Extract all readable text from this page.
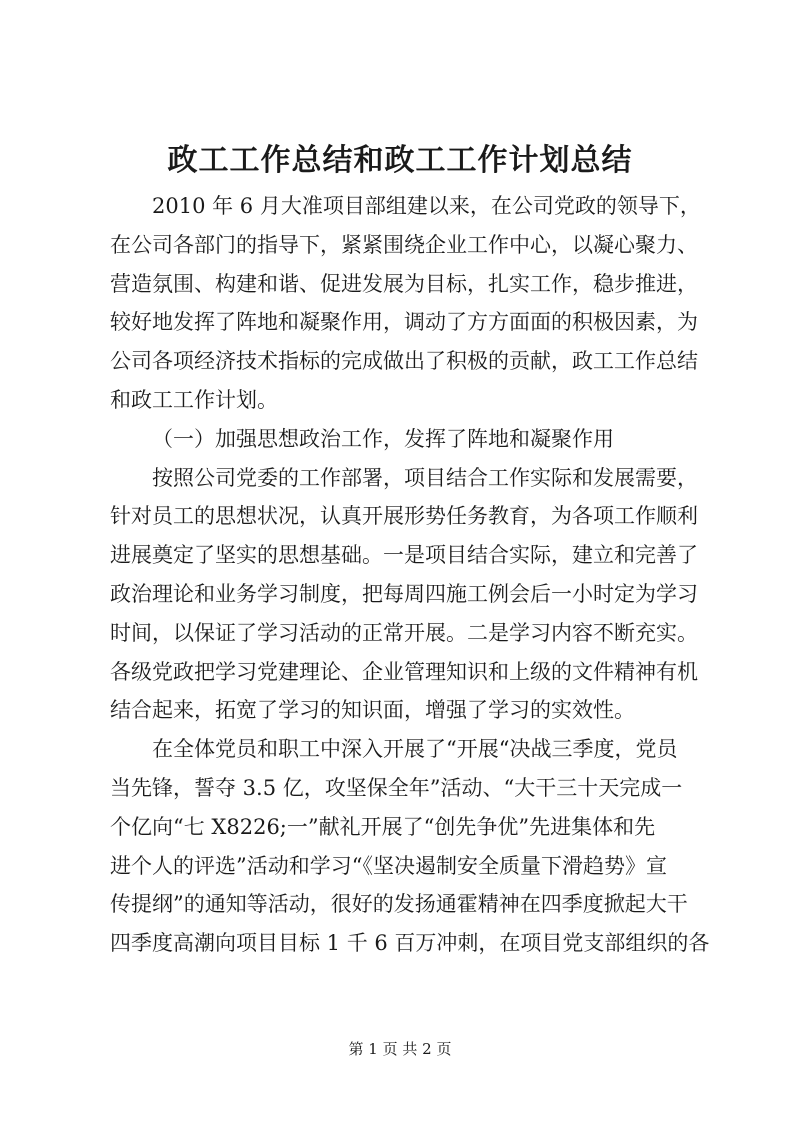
政工工作总结和政工工作计划总结
2010 年 6 月大准项目部组建以来，在公司党政的领导下，
在公司各部门的指导下，紧紧围绕企业工作中心，以凝心聚力、
营造氛围、构建和谐、促进发展为目标，扎实工作，稳步推进，
较好地发挥了阵地和凝聚作用，调动了方方面面的积极因素，为
公司各项经济技术指标的完成做出了积极的贡献，政工工作总结
和政工工作计划。
（一）加强思想政治工作，发挥了阵地和凝聚作用
按照公司党委的工作部署，项目结合工作实际和发展需要，
针对员工的思想状况，认真开展形势任务教育，为各项工作顺利
进展奠定了坚实的思想基础。一是项目结合实际，建立和完善了
政治理论和业务学习制度，把每周四施工例会后一小时定为学习
时间，以保证了学习活动的正常开展。二是学习内容不断充实。
各级党政把学习党建理论、企业管理知识和上级的文件精神有机
结合起来，拓宽了学习的知识面，增强了学习的实效性。
在全体党员和职工中深入开展了“开展“决战三季度，党员
当先锋，誓夺 3.5 亿，攻坚保全年”活动、“大干三十天完成一
个亿向“七 X8226;一”献礼开展了“创先争优”先进集体和先
进个人的评选”活动和学习“《坚决遏制安全质量下滑趋势》宣
传提纲”的通知等活动，很好的发扬通霍精神在四季度掀起大干
四季度高潮向项目目标 1 千 6 百万冲刺，在项目党支部组织的各
第 1 页 共 2 页
